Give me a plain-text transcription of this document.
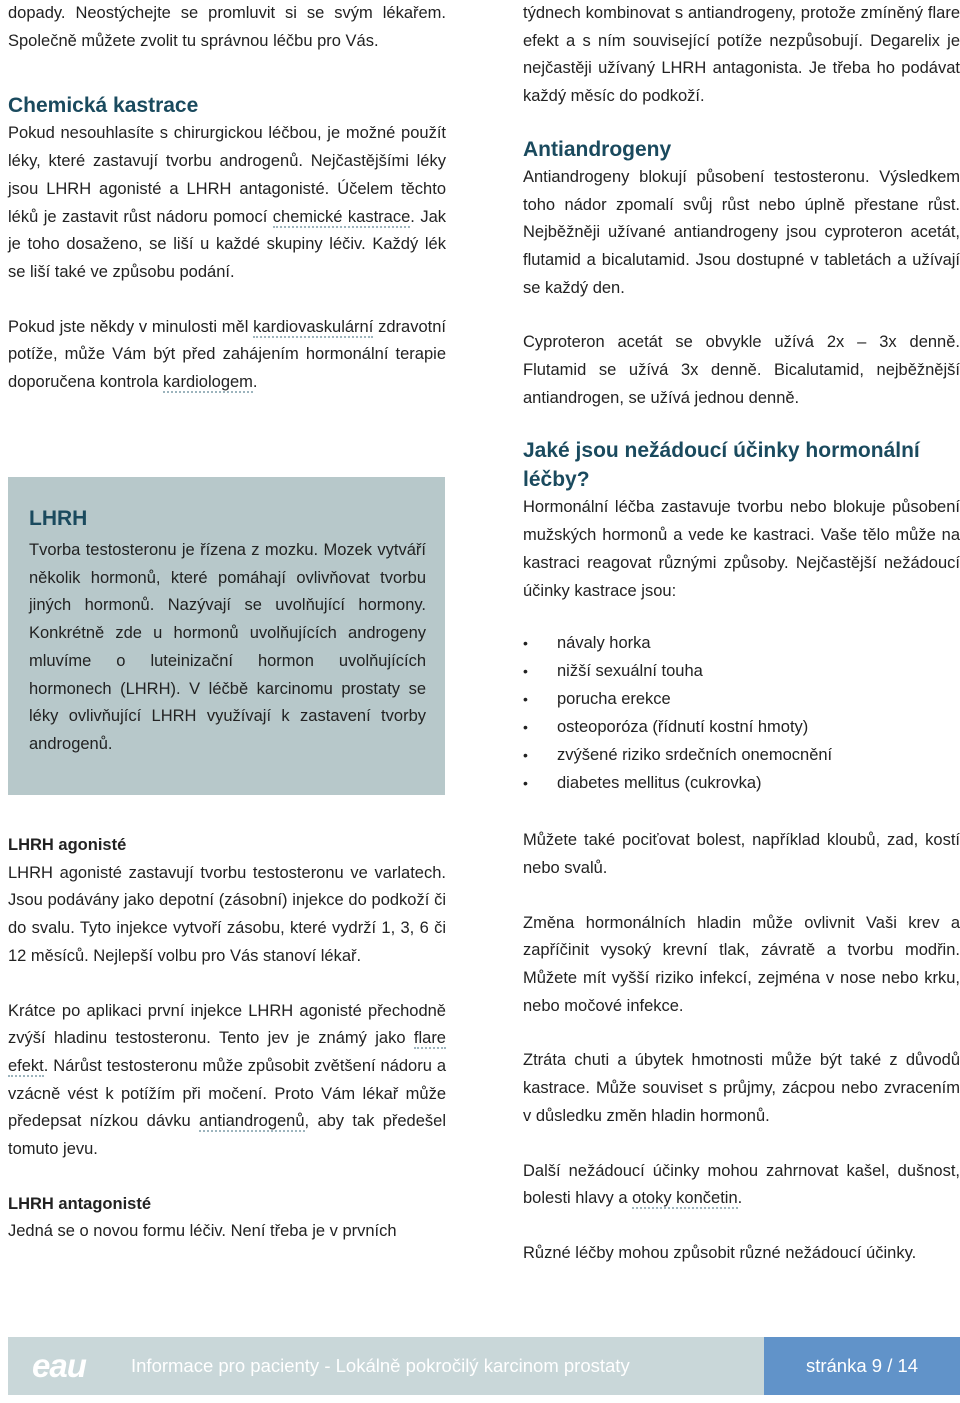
dopady. Neostýchejte se promluvit si se svým lékařem. Společně můžete zvolit tu správnou léčbu pro Vás.

Chemická kastrace

Pokud nesouhlasíte s chirurgickou léčbou, je možné použít léky, které zastavují tvorbu androgenů. Nejčastějšími léky jsou LHRH agonisté a LHRH antagonisté. Účelem těchto léků je zastavit růst nádoru pomocí chemické kastrace. Jak je toho dosaženo, se liší u každé skupiny léčiv. Každý lék se liší také ve způsobu podání.

Pokud jste někdy v minulosti měl kardiovaskulární zdravotní potíže, může Vám být před zahájením hormonální terapie doporučena kontrola kardiologem.

LHRH

Tvorba testosteronu je řízena z mozku. Mozek vytváří několik hormonů, které pomáhají ovlivňovat tvorbu jiných hormonů. Nazývají se uvolňující hormony. Konkrétně zde u hormonů uvolňujících androgeny mluvíme o luteinizační hormon uvolňujících hormonech (LHRH). V léčbě karcinomu prostaty se léky ovlivňující LHRH využívají k zastavení tvorby androgenů.

LHRH agonisté

LHRH agonisté zastavují tvorbu testosteronu ve varlatech. Jsou podávány jako depotní (zásobní) injekce do podkoží či do svalu. Tyto injekce vytvoří zásobu, které vydrží 1, 3, 6 či 12 měsíců. Nejlepší volbu pro Vás stanoví lékař.

Krátce po aplikaci první injekce LHRH agonisté přechodně zvýší hladinu testosteronu. Tento jev je známý jako flare efekt. Nárůst testosteronu může způsobit zvětšení nádoru a vzácně vést k potížím při močení. Proto Vám lékař může předepsat nízkou dávku antiandrogenů, aby tak předešel tomuto jevu.

LHRH antagonisté

Jedná se o novou formu léčiv. Není třeba je v prvních

týdnech kombinovat s antiandrogeny, protože zmíněný flare efekt a s ním související potíže nezpůsobují. Degarelix je nejčastěji užívaný LHRH antagonista. Je třeba ho podávat každý měsíc do podkoží.

Antiandrogeny

Antiandrogeny blokují působení testosteronu. Výsledkem toho nádor zpomalí svůj růst nebo úplně přestane růst. Nejběžněji užívané antiandrogeny jsou cyproteron acetát, flutamid a bicalutamid. Jsou dostupné v tabletách a užívají se každý den.

Cyproteron acetát se obvykle užívá 2x – 3x denně. Flutamid se užívá 3x denně. Bicalutamid, nejběžnější antiandrogen, se užívá jednou denně.

Jaké jsou nežádoucí účinky hormonální léčby?

Hormonální léčba zastavuje tvorbu nebo blokuje působení mužských hormonů a vede ke kastraci. Vaše tělo může na kastraci reagovat různými způsoby. Nejčastější nežádoucí účinky kastrace jsou:

• návaly horka
• nižší sexuální touha
• porucha erekce
• osteoporóza (řídnutí kostní hmoty)
• zvýšené riziko srdečních onemocnění
• diabetes mellitus (cukrovka)

Můžete také pociťovat bolest, například kloubů, zad, kostí nebo svalů.

Změna hormonálních hladin může ovlivnit Vaši krev a zapříčinit vysoký krevní tlak, závratě a tvorbu modřin. Můžete mít vyšší riziko infekcí, zejména v nose nebo krku, nebo močové infekce.

Ztráta chuti a úbytek hmotnosti může být také z důvodů kastrace. Může souviset s průjmy, zácpou nebo zvracením v důsledku změn hladin hormonů.

Další nežádoucí účinky mohou zahrnovat kašel, dušnost, bolesti hlavy a otoky končetin.

Různé léčby mohou způsobit různé nežádoucí účinky.

eau	Informace pro pacienty - Lokálně pokročilý karcinom prostaty	stránka 9 / 14
